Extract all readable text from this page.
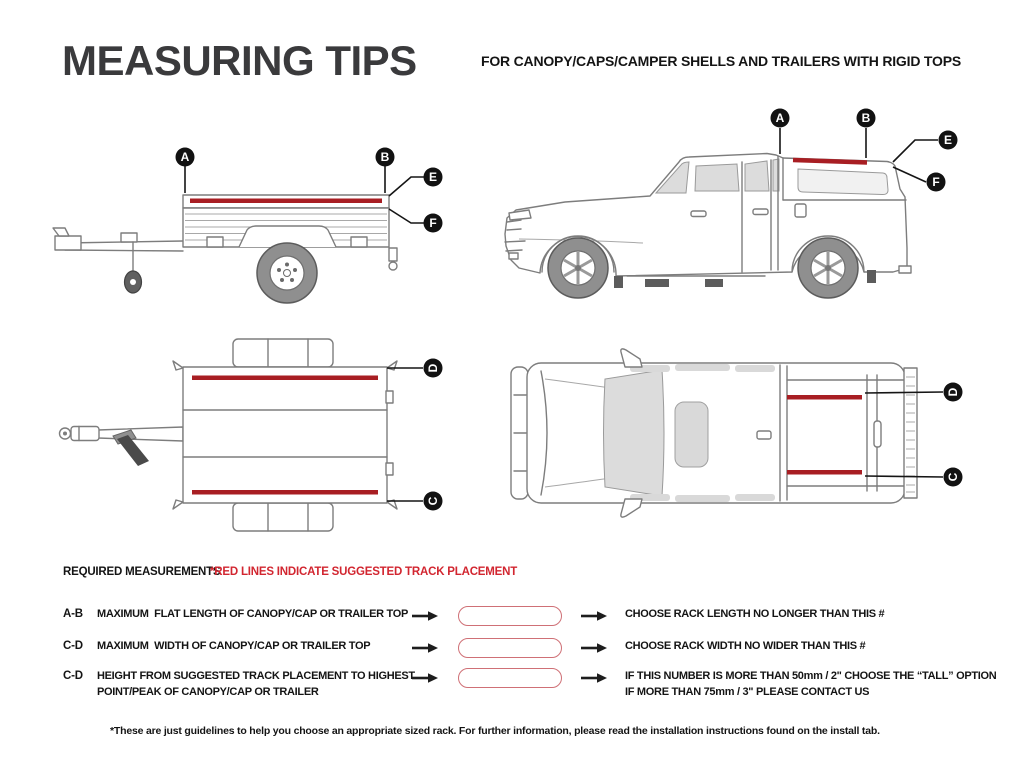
MEASURING TIPS	FOR CANOPY/CAPS/CAMPER SHELLS AND TRAILERS WITH RIGID TOPS
A	B
E
F
A	B
E
F
D
C
D
C
REQUIRED MEASUREMENTS
*RED LINES INDICATE SUGGESTED TRACK PLACEMENT
A-B MAXIMUM  FLAT LENGTH OF CANOPY/CAP OR TRAILER TOP	CHOOSE RACK LENGTH NO LONGER THAN THIS #
C-D MAXIMUM  WIDTH OF CANOPY/CAP OR TRAILER TOP	CHOOSE RACK WIDTH NO WIDER THAN THIS #
C-D HEIGHT FROM SUGGESTED TRACK PLACEMENT TO HIGHEST
POINT/PEAK OF CANOPY/CAP OR TRAILER
IF THIS NUMBER IS MORE THAN 50mm / 2" CHOOSE THE “TALL” OPTION
IF MORE THAN 75mm / 3" PLEASE CONTACT US
*These are just guidelines to help you choose an appropriate sized rack. For further information, please read the installation instructions found on the install tab.
